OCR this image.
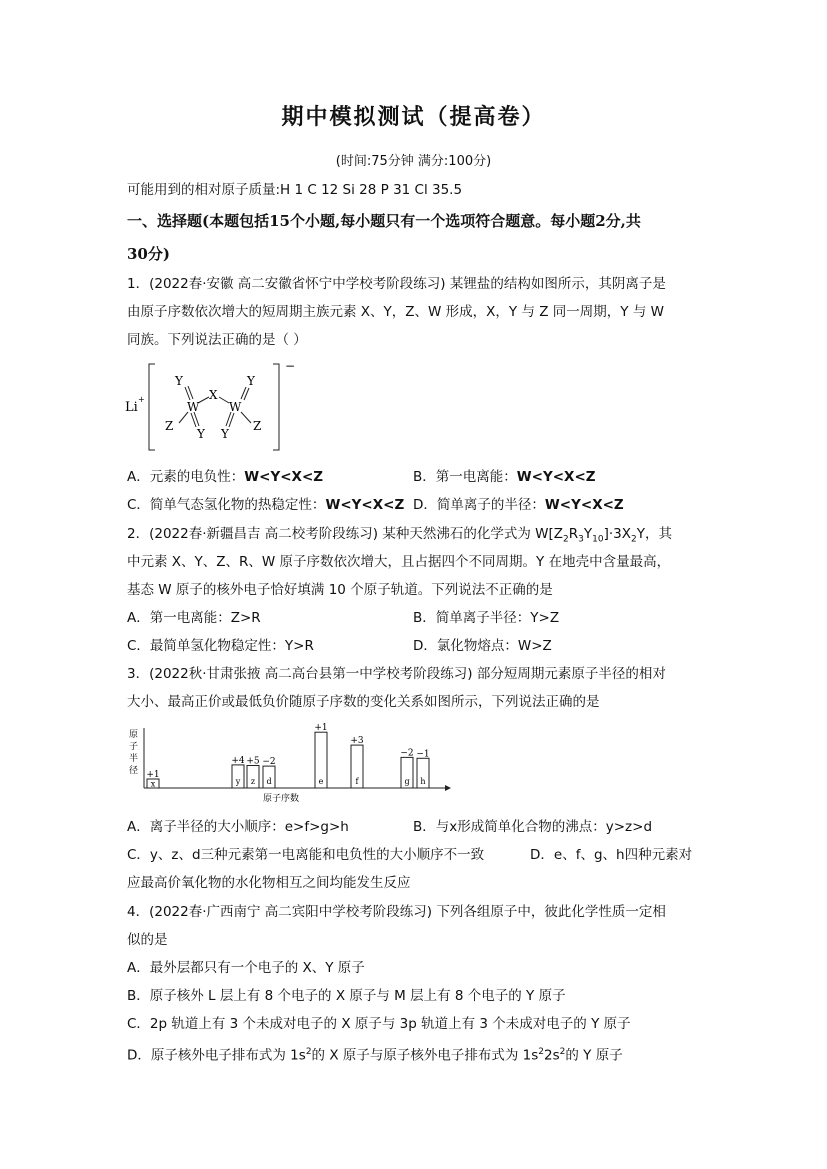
期中模拟测试（提高卷）
(时间:75分钟 满分:100分)
可能用到的相对原子质量:H 1 C 12 Si 28 P 31 Cl 35.5
一、选择题(本题包括15个小题,每小题只有一个选项符合题意。每小题2分,共
30分)
1．(2022春·安徽 高二安徽省怀宁中学校考阶段练习) 某锂盐的结构如图所示，其阴离子是
由原子序数依次增大的短周期主族元素 X、Y，Z、W 形成，X，Y 与 Z 同一周期，Y 与 W
同族。下列说法正确的是（ ）
Li
+
−
Y
W
X
W
Y
Z
Y Y
Z
A．元素的电负性：W<Y<X<Z	B．第一电离能：W<Y<X<Z
C．简单气态氢化物的热稳定性：W<Y<X<Z D．简单离子的半径：W<Y<X<Z
2．(2022春·新疆昌吉 高二校考阶段练习) 某种天然沸石的化学式为 $W[Z_2R_3Y_{10}]\cdot 3X_2Y$，其
中元素 X、Y、Z、R、W 原子序数依次增大，且占据四个不同周期。Y 在地壳中含量最高，
基态 W 原子的核外电子恰好填满 10 个原子轨道。下列说法不正确的是
A．第一电离能：Z>R	B．简单离子半径：Y>Z
C．最简单氢化物稳定性：Y>R	D．氯化物熔点：W>Z
3．(2022秋·甘肃张掖 高二高台县第一中学校考阶段练习) 部分短周期元素原子半径的相对
大小、最高正价或最低负价随原子序数的变化关系如图所示，下列说法正确的是
原
子
半
径
原子序数
x
+1
y
+4
z
+5
d
−2
e
+1
f
+3
g
−2
h
−1
A．离子半径的大小顺序：e>f>g>h	B．与x形成简单化合物的沸点：y>z>d
C．y、z、d三种元素第一电离能和电负性的大小顺序不一致	D．e、f、g、h四种元素对
应最高价氧化物的水化物相互之间均能发生反应
4．(2022春·广西南宁 高二宾阳中学校考阶段练习) 下列各组原子中，彼此化学性质一定相
似的是
A．最外层都只有一个电子的 X、Y 原子
B．原子核外 L 层上有 8 个电子的 X 原子与 M 层上有 8 个电子的 Y 原子
C．2p 轨道上有 3 个未成对电子的 X 原子与 3p 轨道上有 3 个未成对电子的 Y 原子
D．原子核外电子排布式为 $1s^2$的 X 原子与原子核外电子排布式为 $1s^22s^2$的 Y 原子
